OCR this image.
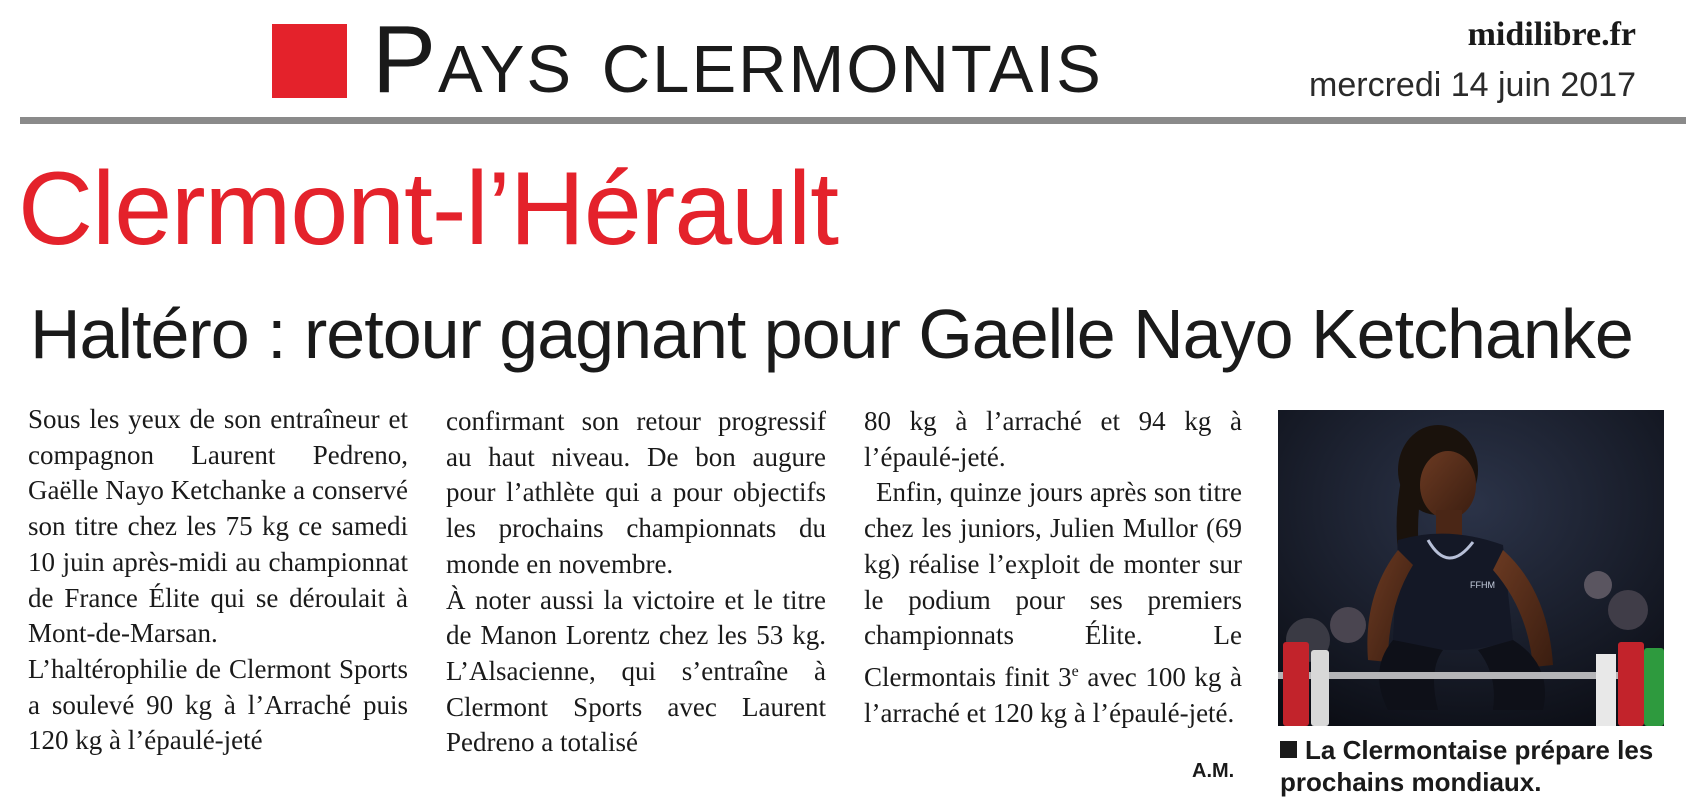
Pays clermontais	midilibre.fr
mercredi 14 juin 2017
Clermont-l’Hérault
Haltéro : retour gagnant pour Gaelle Nayo Ketchanke

Sous les yeux de son entraîneur et compagnon Laurent Pedreno, Gaëlle Nayo Ketchanke a conservé son titre chez les 75 kg ce samedi 10 juin après-midi au championnat de France Élite qui se déroulait à Mont-de-Marsan.

L’haltérophilie de Clermont Sports a soulevé 90 kg à l’Arraché puis 120 kg à l’épaulé-jeté

confirmant son retour progressif au haut niveau. De bon augure pour l’athlète qui a pour objectifs les prochains championnats du monde en novembre.

À noter aussi la victoire et le titre de Manon Lorentz chez les 53 kg. L’Alsacienne, qui s’entraîne à Clermont Sports avec Laurent Pedreno a totalisé

80 kg à l’arraché et 94 kg à l’épaulé-jeté.

Enfin, quinze jours après son titre chez les juniors, Julien Mullor (69 kg) réalise l’exploit de monter sur le podium pour ses premiers championnats Élite. Le Clermontais finit 3e avec 100 kg à l’arraché et 120 kg à l’épaulé-jeté.

A.M.
FFHM
La Clermontaise prépare les prochains mondiaux.
